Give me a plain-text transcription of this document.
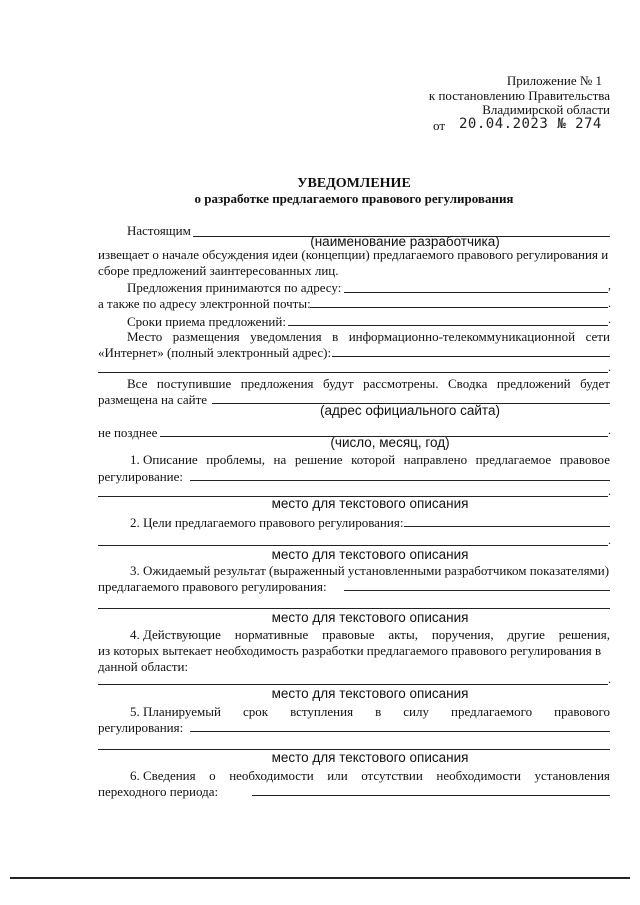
Приложение № 1
к постановлению Правительства
Владимирской области
от 20.04.2023 № 274
УВЕДОМЛЕНИЕ
о разработке предлагаемого правового регулирования
Настоящим
(наименование разработчика)
извещает о начале обсуждения идеи (концепции) предлагаемого правового регулирования и
сборе предложений заинтересованных лиц.
Предложения принимаются по адресу:	,
а также по адресу электронной почты:	.
Сроки приема предложений:	.
Место размещения уведомления в информационно-телекоммуникационной сети
«Интернет» (полный электронный адрес):
.
Все поступившие предложения будут рассмотрены. Сводка предложений будет
размещена на сайте
(адрес официального сайта)
не позднее	.
(число, месяц, год)
1. Описание проблемы, на решение которой направлено предлагаемое правовое
регулирование:
.
место для текстового описания
2. Цели предлагаемого правового регулирования:
.
место для текстового описания
3. Ожидаемый результат (выраженный установленными разработчиком показателями)
предлагаемого правового регулирования:
место для текстового описания
4. Действующие нормативные правовые акты, поручения, другие решения,
из которых вытекает необходимость разработки предлагаемого правового регулирования в
данной области:
.
место для текстового описания
5. Планируемый срок вступления в силу предлагаемого правового
регулирования:
место для текстового описания
6. Сведения о необходимости или отсутствии необходимости установления
переходного периода:
